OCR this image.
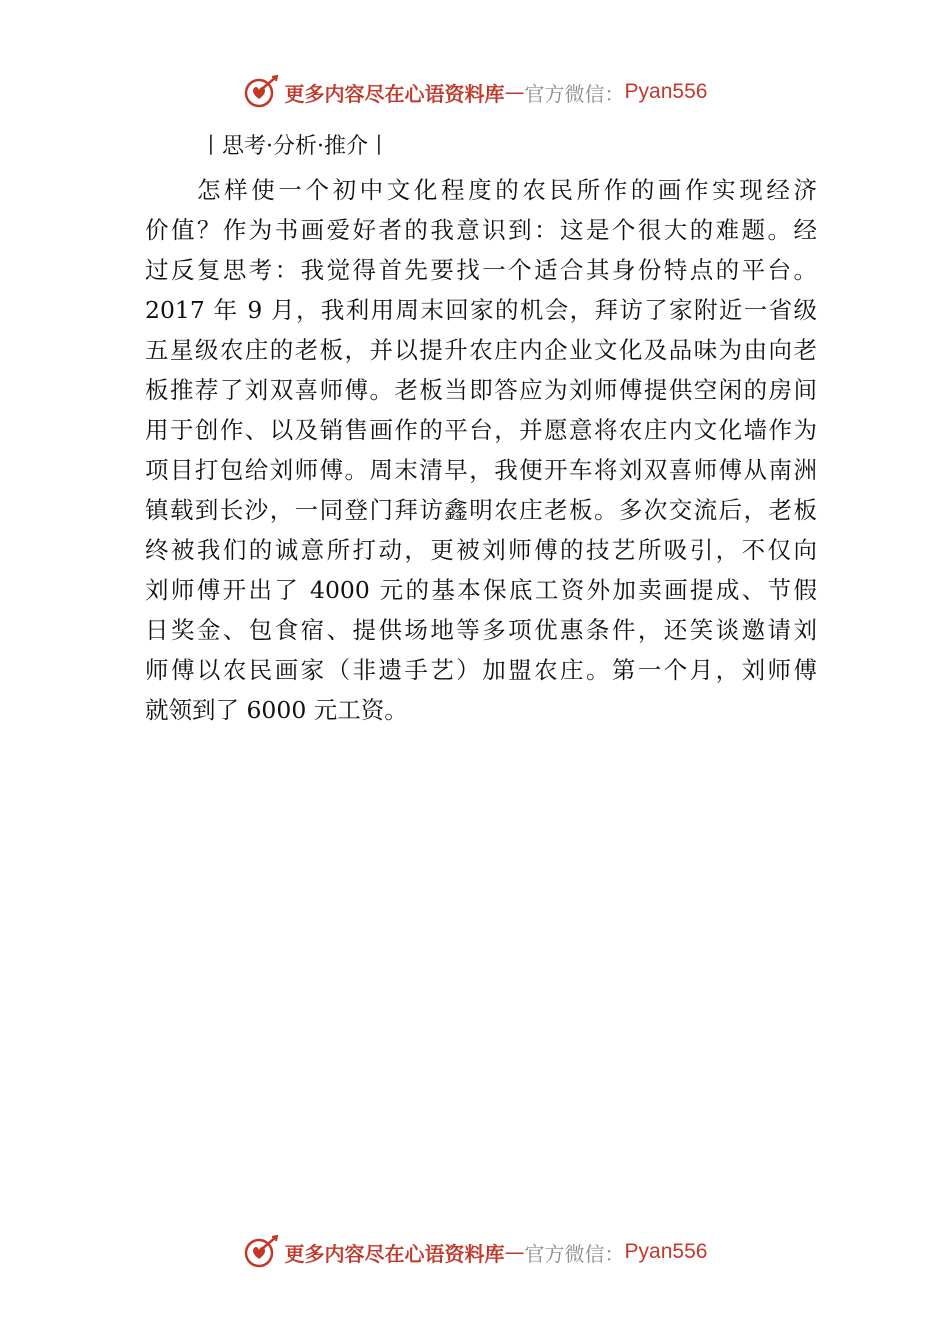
更多内容尽在心语资料库 — 官方微信： Pyan556
丨思考·分析·推介丨
怎样使一个初中文化程度的农民所作的画作实现经济
价值？作为书画爱好者的我意识到：这是个很大的难题。经
过反复思考：我觉得首先要找一个适合其身份特点的平台。
2017 年 9 月，我利用周末回家的机会，拜访了家附近一省级
五星级农庄的老板，并以提升农庄内企业文化及品味为由向老
板推荐了刘双喜师傅。老板当即答应为刘师傅提供空闲的房间
用于创作、以及销售画作的平台，并愿意将农庄内文化墙作为
项目打包给刘师傅。周末清早，我便开车将刘双喜师傅从南洲
镇载到长沙，一同登门拜访鑫明农庄老板。多次交流后，老板
终被我们的诚意所打动，更被刘师傅的技艺所吸引，不仅向
刘师傅开出了 4000 元的基本保底工资外加卖画提成、节假
日奖金、包食宿、提供场地等多项优惠条件，还笑谈邀请刘
师傅以农民画家（非遗手艺）加盟农庄。第一个月，刘师傅
就领到了 6000 元工资。
更多内容尽在心语资料库 — 官方微信： Pyan556
